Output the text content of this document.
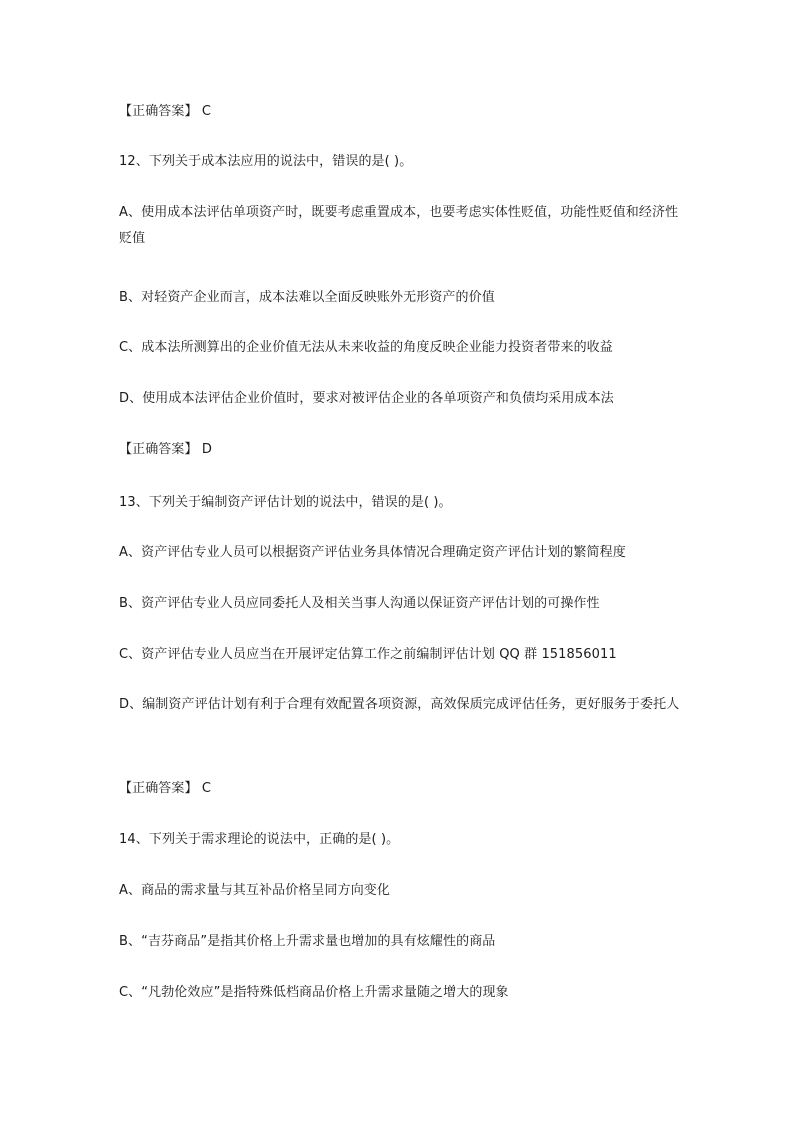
【正确答案】 C
12、下列关于成本法应用的说法中，错误的是( )。
A、使用成本法评估单项资产时，既要考虑重置成本，也要考虑实体性贬值，功能性贬值和经济性贬值
B、对轻资产企业而言，成本法难以全面反映账外无形资产的价值
C、成本法所测算出的企业价值无法从未来收益的角度反映企业能力投资者带来的收益
D、使用成本法评估企业价值时，要求对被评估企业的各单项资产和负债均采用成本法
【正确答案】 D
13、下列关于编制资产评估计划的说法中，错误的是( )。
A、资产评估专业人员可以根据资产评估业务具体情况合理确定资产评估计划的繁简程度
B、资产评估专业人员应同委托人及相关当事人沟通以保证资产评估计划的可操作性
C、资产评估专业人员应当在开展评定估算工作之前编制评估计划 QQ 群 151856011
D、编制资产评估计划有利于合理有效配置各项资源，高效保质完成评估任务，更好服务于委托人
【正确答案】 C
14、下列关于需求理论的说法中，正确的是( )。
A、商品的需求量与其互补品价格呈同方向变化
B、“吉芬商品”是指其价格上升需求量也增加的具有炫耀性的商品
C、“凡勃伦效应”是指特殊低档商品价格上升需求量随之增大的现象
